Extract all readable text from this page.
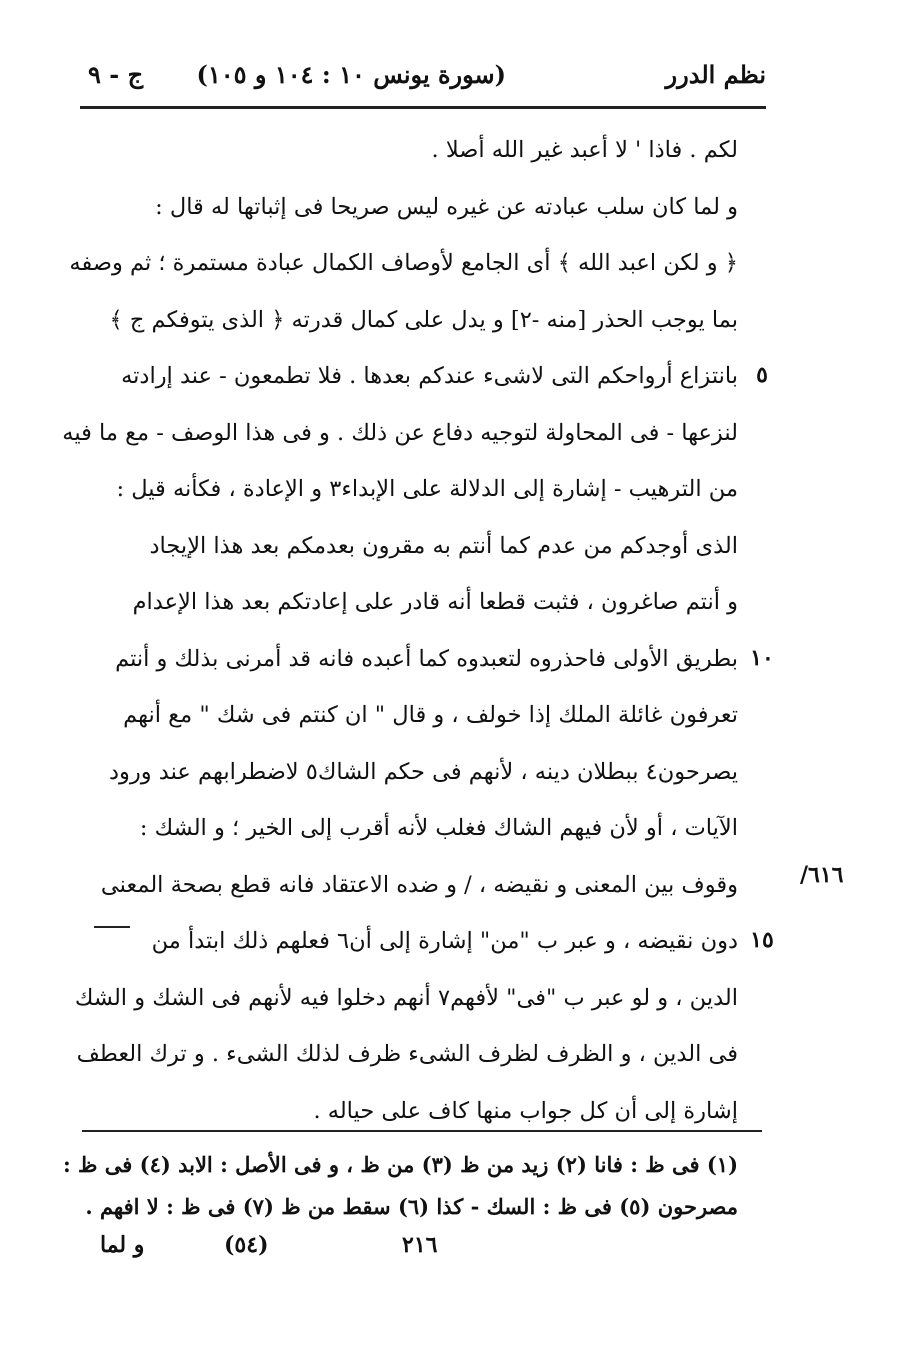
نظم الدرر
(سورة يونس ١٠ : ١٠٤ و ١٠٥)
ج - ٩
لكم . فاذا ' لا أعبد غير الله أصلا .
و لما كان سلب عبادته عن غيره ليس صريحا فى إثباتها له قال :
﴿ و لكن اعبد الله ﴾ أى الجامع لأوصاف الكمال عبادة مستمرة ؛ ثم وصفه
بما يوجب الحذر [منه -٢] و يدل على كمال قدرته ﴿ الذى يتوفكم ج ﴾
بانتزاع أرواحكم التى لاشىء عندكم بعدها . فلا تطمعون - عند إرادته
لنزعها - فى المحاولة لتوجيه دفاع عن ذلك . و فى هذا الوصف - مع ما فيه
من الترهيب - إشارة إلى الدلالة على الإبداء٣ و الإعادة ، فكأنه قيل :
الذى أوجدكم من عدم كما أنتم به مقرون بعدمكم بعد هذا الإيجاد
و أنتم صاغرون ، فثبت قطعا أنه قادر على إعادتكم بعد هذا الإعدام
بطريق الأولى فاحذروه لتعبدوه كما أعبده فانه قد أمرنى بذلك و أنتم
تعرفون غائلة الملك إذا خولف ، و قال " ان كنتم فى شك " مع أنهم
يصرحون٤ ببطلان دينه ، لأنهم فى حكم الشاك٥ لاضطرابهم عند ورود
الآيات ، أو لأن فيهم الشاك فغلب لأنه أقرب إلى الخير ؛ و الشك :
وقوف بين المعنى و نقيضه ، / و ضده الاعتقاد فانه قطع بصحة المعنى
دون نقيضه ، و عبر ب "من" إشارة إلى أن٦ فعلهم ذلك ابتدأ من
الدين ، و لو عبر ب "فى" لأفهم٧ أنهم دخلوا فيه لأنهم فى الشك و الشك
فى الدين ، و الظرف لظرف الشىء ظرف لذلك الشىء . و ترك العطف
إشارة إلى أن كل جواب منها كاف على حياله .
٥
١٠
١٥
/٦١٦
(١) فى ظ : فانا (٢) زيد من ظ (٣) من ظ ، و فى الأصل : الابد (٤) فى ظ :
مصرحون (٥) فى ظ : السك - كذا (٦) سقط من ظ (٧) فى ظ : لا افهم .
و لما	(٥٤)	٢١٦
